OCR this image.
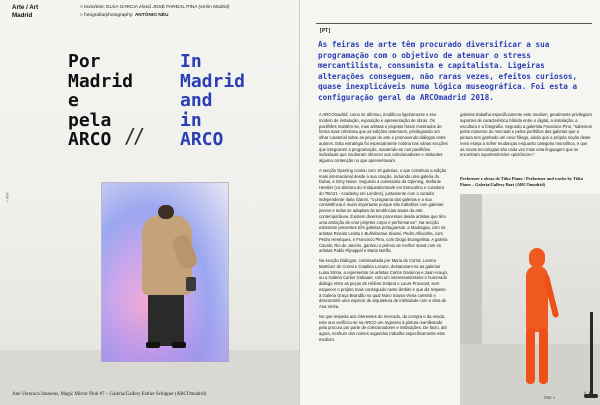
Arte / Art
Madrid
> texto/text: ELSA GARCIA e/and JOSÉ PARDAL PINA (em/in Madrid)
> fotografia/photography: ANTÓNIO NÉU
Por
Madrid
e
pela
ARCO //
In
Madrid
and
in
ARCO
Ann Veronica Janssens, Magic Mirror Pink #7 – Galeria/Gallery Esther Schipper (ARCOmadrid)
« 064
[PT]
As feiras de arte têm procurado diversificar a sua programação com o objetivo de atenuar o stress mercantilista, consumista e capitalista. Ligeiras alterações conseguem, não raras vezes, efeitos curiosos, quase inexplicáveis numa lógica museográfica. Foi esta a configuração geral da ARCOmadrid 2018.

A ARCOmadrid, como se afirmou, modificou ligeiramente o seu modelo de instalação, exposição e apresentação de obras. Os pavilhões mantêm-se, mas artistas e projetos foram mostrados de forma mais criteriosa que as edições anteriores, privilegiando um olhar curatorial sobre as peças de arte e promovendo diálogos entre autores. Esta estratégia foi especialmente notória nas várias secções que integraram a programação, mantendo-se nos pavilhões individuais que souberam oferecer aos colecionadores e visitantes alguma contenção no que apresentavam.

A secção Opening contou com 19 galerias, o que constituiu a edição mais internacional desde a sua criação, incluindo uma galeria do Dubai, a Grey Noise. Segundo a comissária da Opening, Stefanie Hessler (co-diretora do Andquestionmark em Estocolmo e curadora do TBA21 - Academy em Londres), juntamente com o curador independente Ilaria Gianni, "o programa das galerias e a sua consistência é muito importante porque são trabalhos com galerias jovens e todas se adaptam às tendências atuais da arte contemporânea. Existem diversos processos desde artistas que têm uma ambição de criar projetos corpo e performance". Na secção estiveram presentes três galerias portuguesas: a Madragoa, com os artistas Renato Leotta e Buhlebezwe Siwani, Pedro Alfacinha, com Pedro Henriques, e Francisco Pino, com Diogo Evangelista. A galeria Cavalo, Rio de Janeiro, ganhou o prémio de melhor stand com os artistas Pablo Pijnappel e Maria Netflix.

Na secção Diálogos, comissariada por Maria de Corral, Lorena Martínez de Corral e Catalina Lozano, destacaram-se as galerias Luisa Strina, a representar os artistas Carlos Garaicoa e Juan Araujo, ou a Galeria Carlier Gebauer, com um interessantíssimo e humorado diálogo entre as peças de Hélène Delprat e Laure Prouvost, sem esquecer o projeto mais conseguido neste âmbito e que diz respeito à Galeria Graça Brandão no qual Nuno Sousa Vieira constrói e desconstrói uma espécie de arquitetura de intimidade com a obra de Ana Vieira.

No que respeita aos interesses do mercado, da compra e da venda, este ano verificou-se na ARCO um regresso à pintura manifestado pela procura por parte de colecionadores e instituições. De facto, até agora, nenhum dos nomes sugeridos trabalha especificamente este medium.

galerias trabalha especificamente este medium; geralmente privilegiam suportes de característica híbrida entre o digital, a instalação, a escultura e a fotografia. Segundo a galerista Francisco Pino, "sabemos pelos números do mercado e pelos portfólios das galerias que a pintura tem ganhado um novo fôlego, ainda que a própria noção deste meio esteja a sofrer mudanças enquanto categoria monolítica, e que as novas tecnologias são cada vez mais uma linguagem que se encontram suportes/meios «pictóricos»".

Performer e obras de Tiiko Piano / Performer and works by Tiiko Piano – Galeria/Gallery Bart (ARCOmadrid)
065 »
‹ ›
